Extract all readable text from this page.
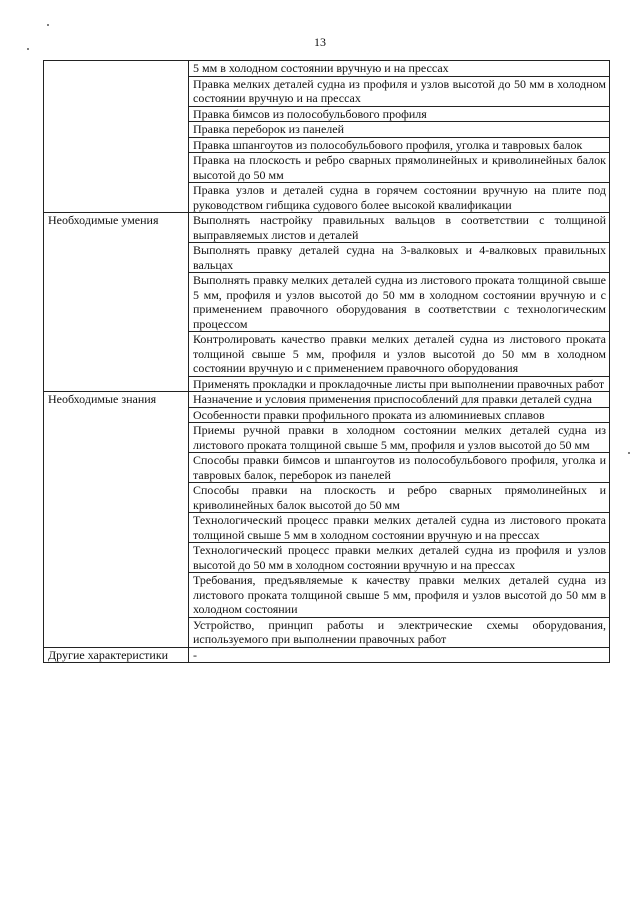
13
	5 мм в холодном состоянии вручную и на прессах
	Правка мелких деталей судна из профиля и узлов высотой до 50 мм в холодном состоянии вручную и на прессах
	Правка бимсов из полособульбового профиля
	Правка переборок из панелей
	Правка шпангоутов из полособульбового профиля, уголка и тавровых балок
	Правка на плоскость и ребро сварных прямолинейных и криволинейных балок высотой до 50 мм
	Правка узлов и деталей судна в горячем состоянии вручную на плите под руководством гибщика судового более высокой квалификации
Необходимые умения	Выполнять настройку правильных вальцов в соответствии с толщиной выправляемых листов и деталей
	Выполнять правку деталей судна на 3-валковых и 4-валковых правильных вальцах
	Выполнять правку мелких деталей судна из листового проката толщиной свыше 5 мм, профиля и узлов высотой до 50 мм в холодном состоянии вручную и с применением правочного оборудования в соответствии с технологическим процессом
	Контролировать качество правки мелких деталей судна из листового проката толщиной свыше 5 мм, профиля и узлов высотой до 50 мм в холодном состоянии вручную и с применением правочного оборудования
	Применять прокладки и прокладочные листы при выполнении правочных работ
Необходимые знания	Назначение и условия применения приспособлений для правки деталей судна
	Особенности правки профильного проката из алюминиевых сплавов
	Приемы ручной правки в холодном состоянии мелких деталей судна из листового проката толщиной свыше 5 мм, профиля и узлов высотой до 50 мм
	Способы правки бимсов и шпангоутов из полособульбового профиля, уголка и тавровых балок, переборок из панелей
	Способы правки на плоскость и ребро сварных прямолинейных и криволинейных балок высотой до 50 мм
	Технологический процесс правки мелких деталей судна из листового проката толщиной свыше 5 мм в холодном состоянии вручную и на прессах
	Технологический процесс правки мелких деталей судна из профиля и узлов высотой до 50 мм в холодном состоянии вручную и на прессах
	Требования, предъявляемые к качеству правки мелких деталей судна из листового проката толщиной свыше 5 мм, профиля и узлов высотой до 50 мм в холодном состоянии
	Устройство, принцип работы и электрические схемы оборудования, используемого при выполнении правочных работ
Другие характеристики	-
